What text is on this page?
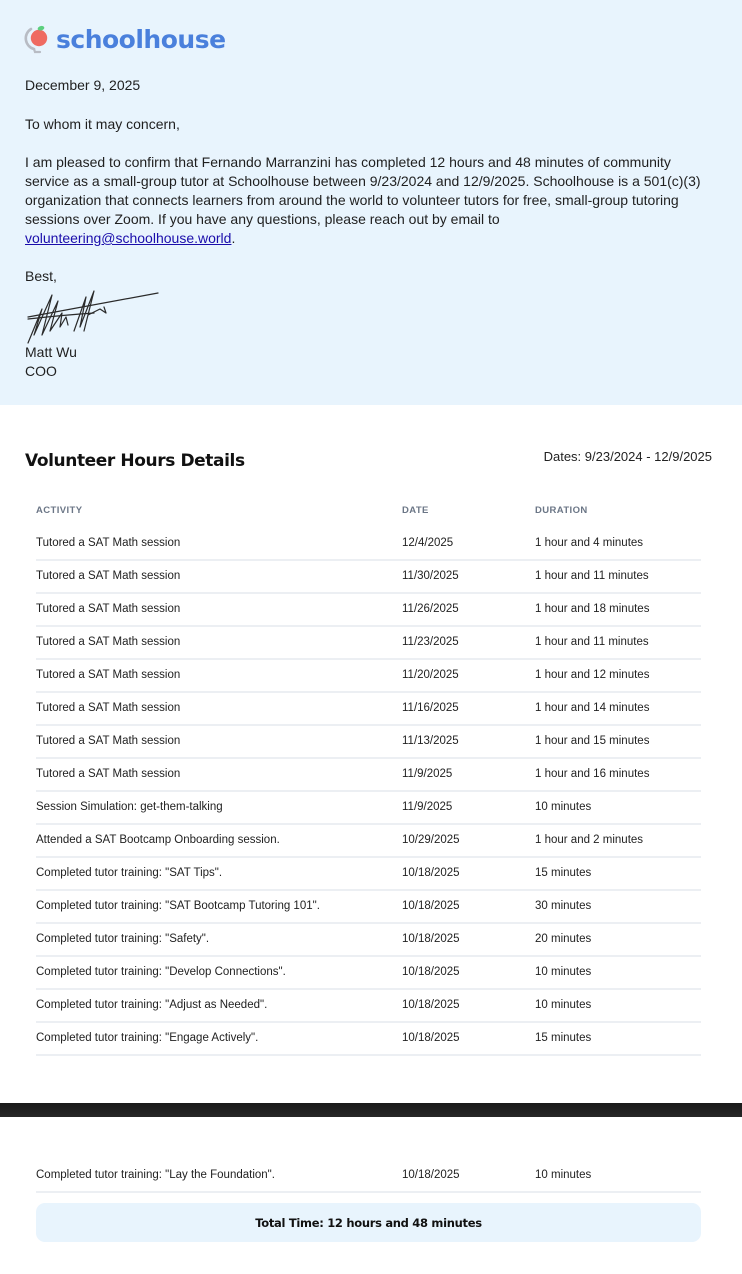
schoolhouse
December 9, 2025
To whom it may concern,

I am pleased to confirm that Fernando Marranzini has completed 12 hours and 48 minutes of community service as a small-group tutor at Schoolhouse between 9/23/2024 and 12/9/2025. Schoolhouse is a 501(c)(3) organization that connects learners from around the world to volunteer tutors for free, small-group tutoring sessions over Zoom. If you have any questions, please reach out by email to volunteering@schoolhouse.world.

Best,
Matt Wu
COO
Volunteer Hours Details	Dates: 9/23/2024 - 12/9/2025
ACTIVITY	DATE	DURATION
Tutored a SAT Math session	12/4/2025	1 hour and 4 minutes
Tutored a SAT Math session	11/30/2025	1 hour and 11 minutes
Tutored a SAT Math session	11/26/2025	1 hour and 18 minutes
Tutored a SAT Math session	11/23/2025	1 hour and 11 minutes
Tutored a SAT Math session	11/20/2025	1 hour and 12 minutes
Tutored a SAT Math session	11/16/2025	1 hour and 14 minutes
Tutored a SAT Math session	11/13/2025	1 hour and 15 minutes
Tutored a SAT Math session	11/9/2025	1 hour and 16 minutes
Session Simulation: get-them-talking	11/9/2025	10 minutes
Attended a SAT Bootcamp Onboarding session.	10/29/2025	1 hour and 2 minutes
Completed tutor training: "SAT Tips".	10/18/2025	15 minutes
Completed tutor training: "SAT Bootcamp Tutoring 101".	10/18/2025	30 minutes
Completed tutor training: "Safety".	10/18/2025	20 minutes
Completed tutor training: "Develop Connections".	10/18/2025	10 minutes
Completed tutor training: "Adjust as Needed".	10/18/2025	10 minutes
Completed tutor training: "Engage Actively".	10/18/2025	15 minutes
Completed tutor training: "Lay the Foundation".	10/18/2025	10 minutes
Total Time: 12 hours and 48 minutes
